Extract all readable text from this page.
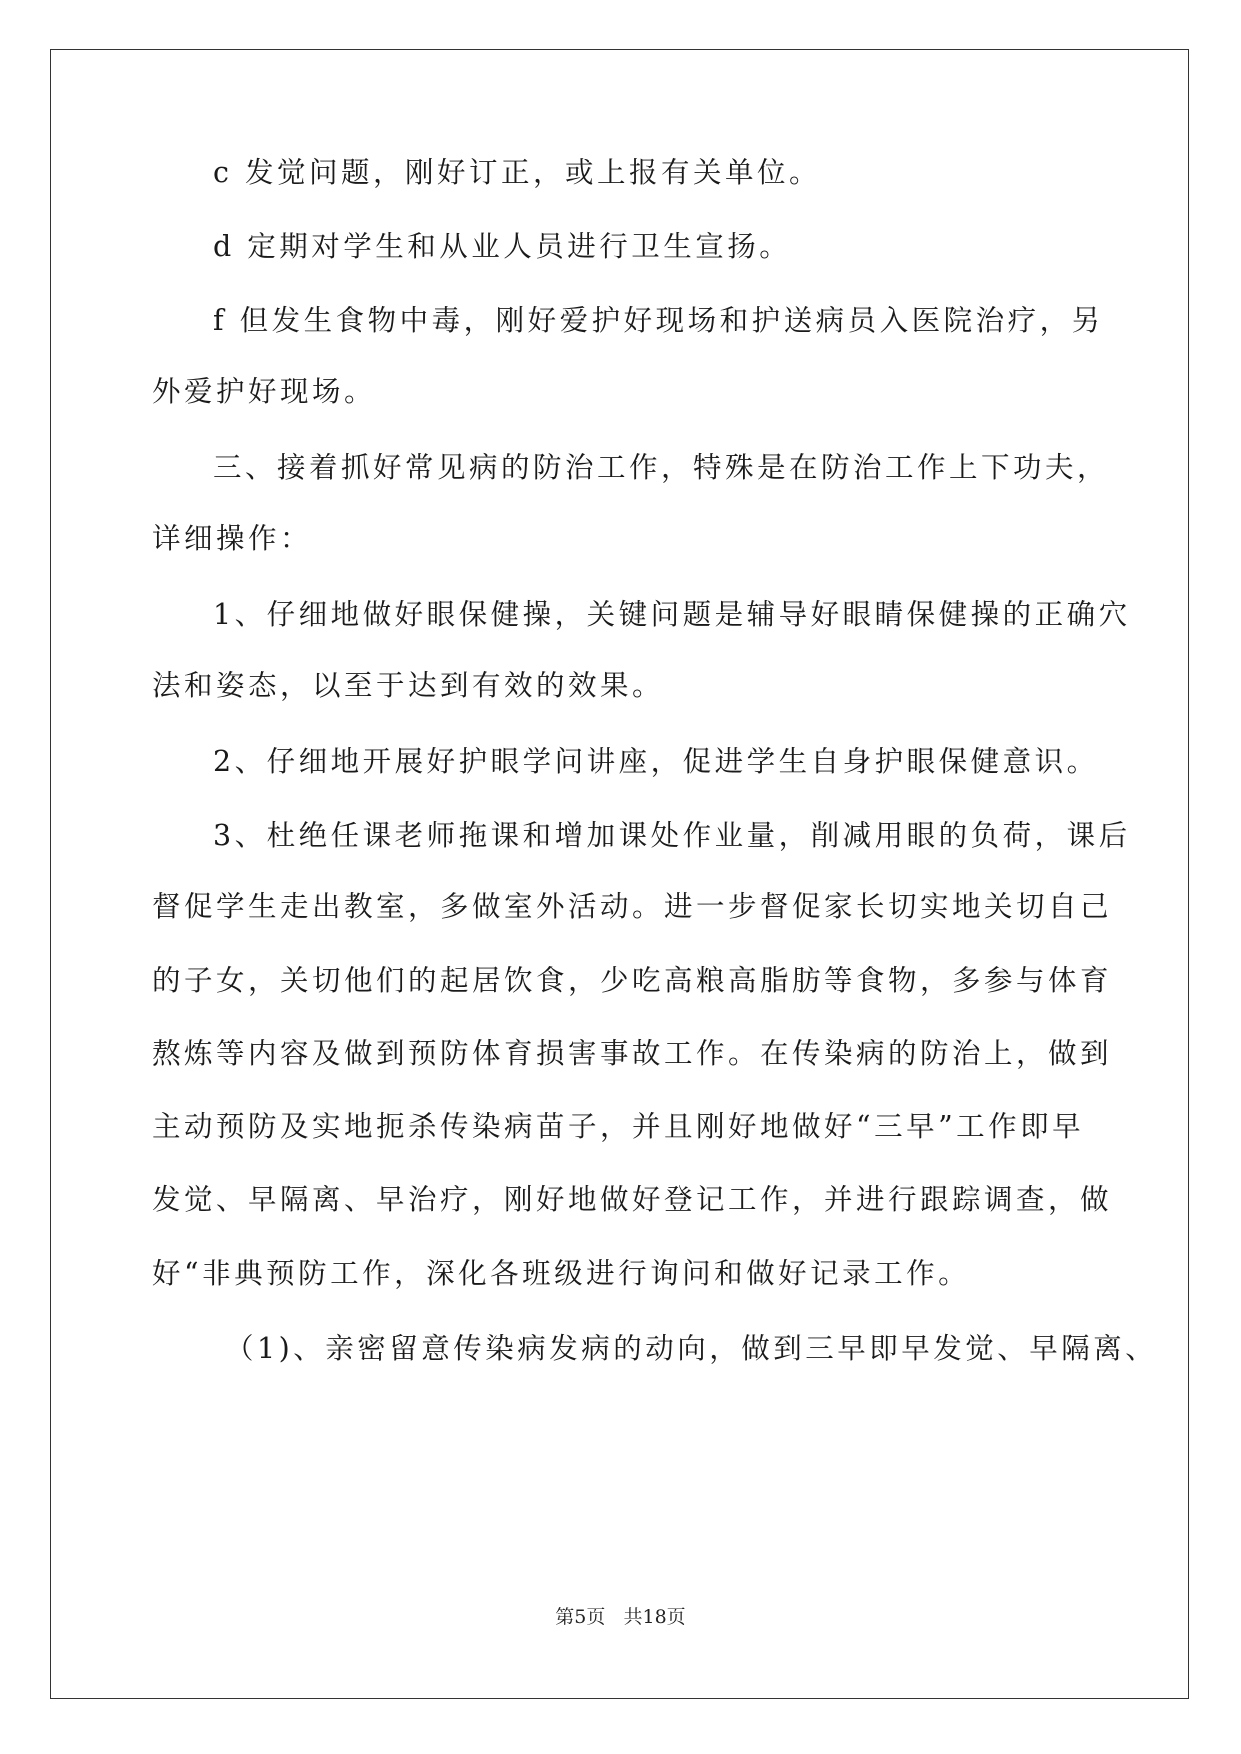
c 发觉问题，刚好订正，或上报有关单位。
d 定期对学生和从业人员进行卫生宣扬。
f 但发生食物中毒，刚好爱护好现场和护送病员入医院治疗，另
外爱护好现场。
三、接着抓好常见病的防治工作，特殊是在防治工作上下功夫，
详细操作：
1、仔细地做好眼保健操，关键问题是辅导好眼睛保健操的正确穴
法和姿态，以至于达到有效的效果。
2、仔细地开展好护眼学问讲座，促进学生自身护眼保健意识。
3、杜绝任课老师拖课和增加课处作业量，削减用眼的负荷，课后
督促学生走出教室，多做室外活动。进一步督促家长切实地关切自己
的子女，关切他们的起居饮食，少吃高粮高脂肪等食物，多参与体育
熬炼等内容及做到预防体育损害事故工作。在传染病的防治上，做到
主动预防及实地扼杀传染病苗子，并且刚好地做好“三早”工作即早
发觉、早隔离、早治疗，刚好地做好登记工作，并进行跟踪调查，做
好“非典预防工作，深化各班级进行询问和做好记录工作。
（1)、亲密留意传染病发病的动向，做到三早即早发觉、早隔离、
第5页   共18页
